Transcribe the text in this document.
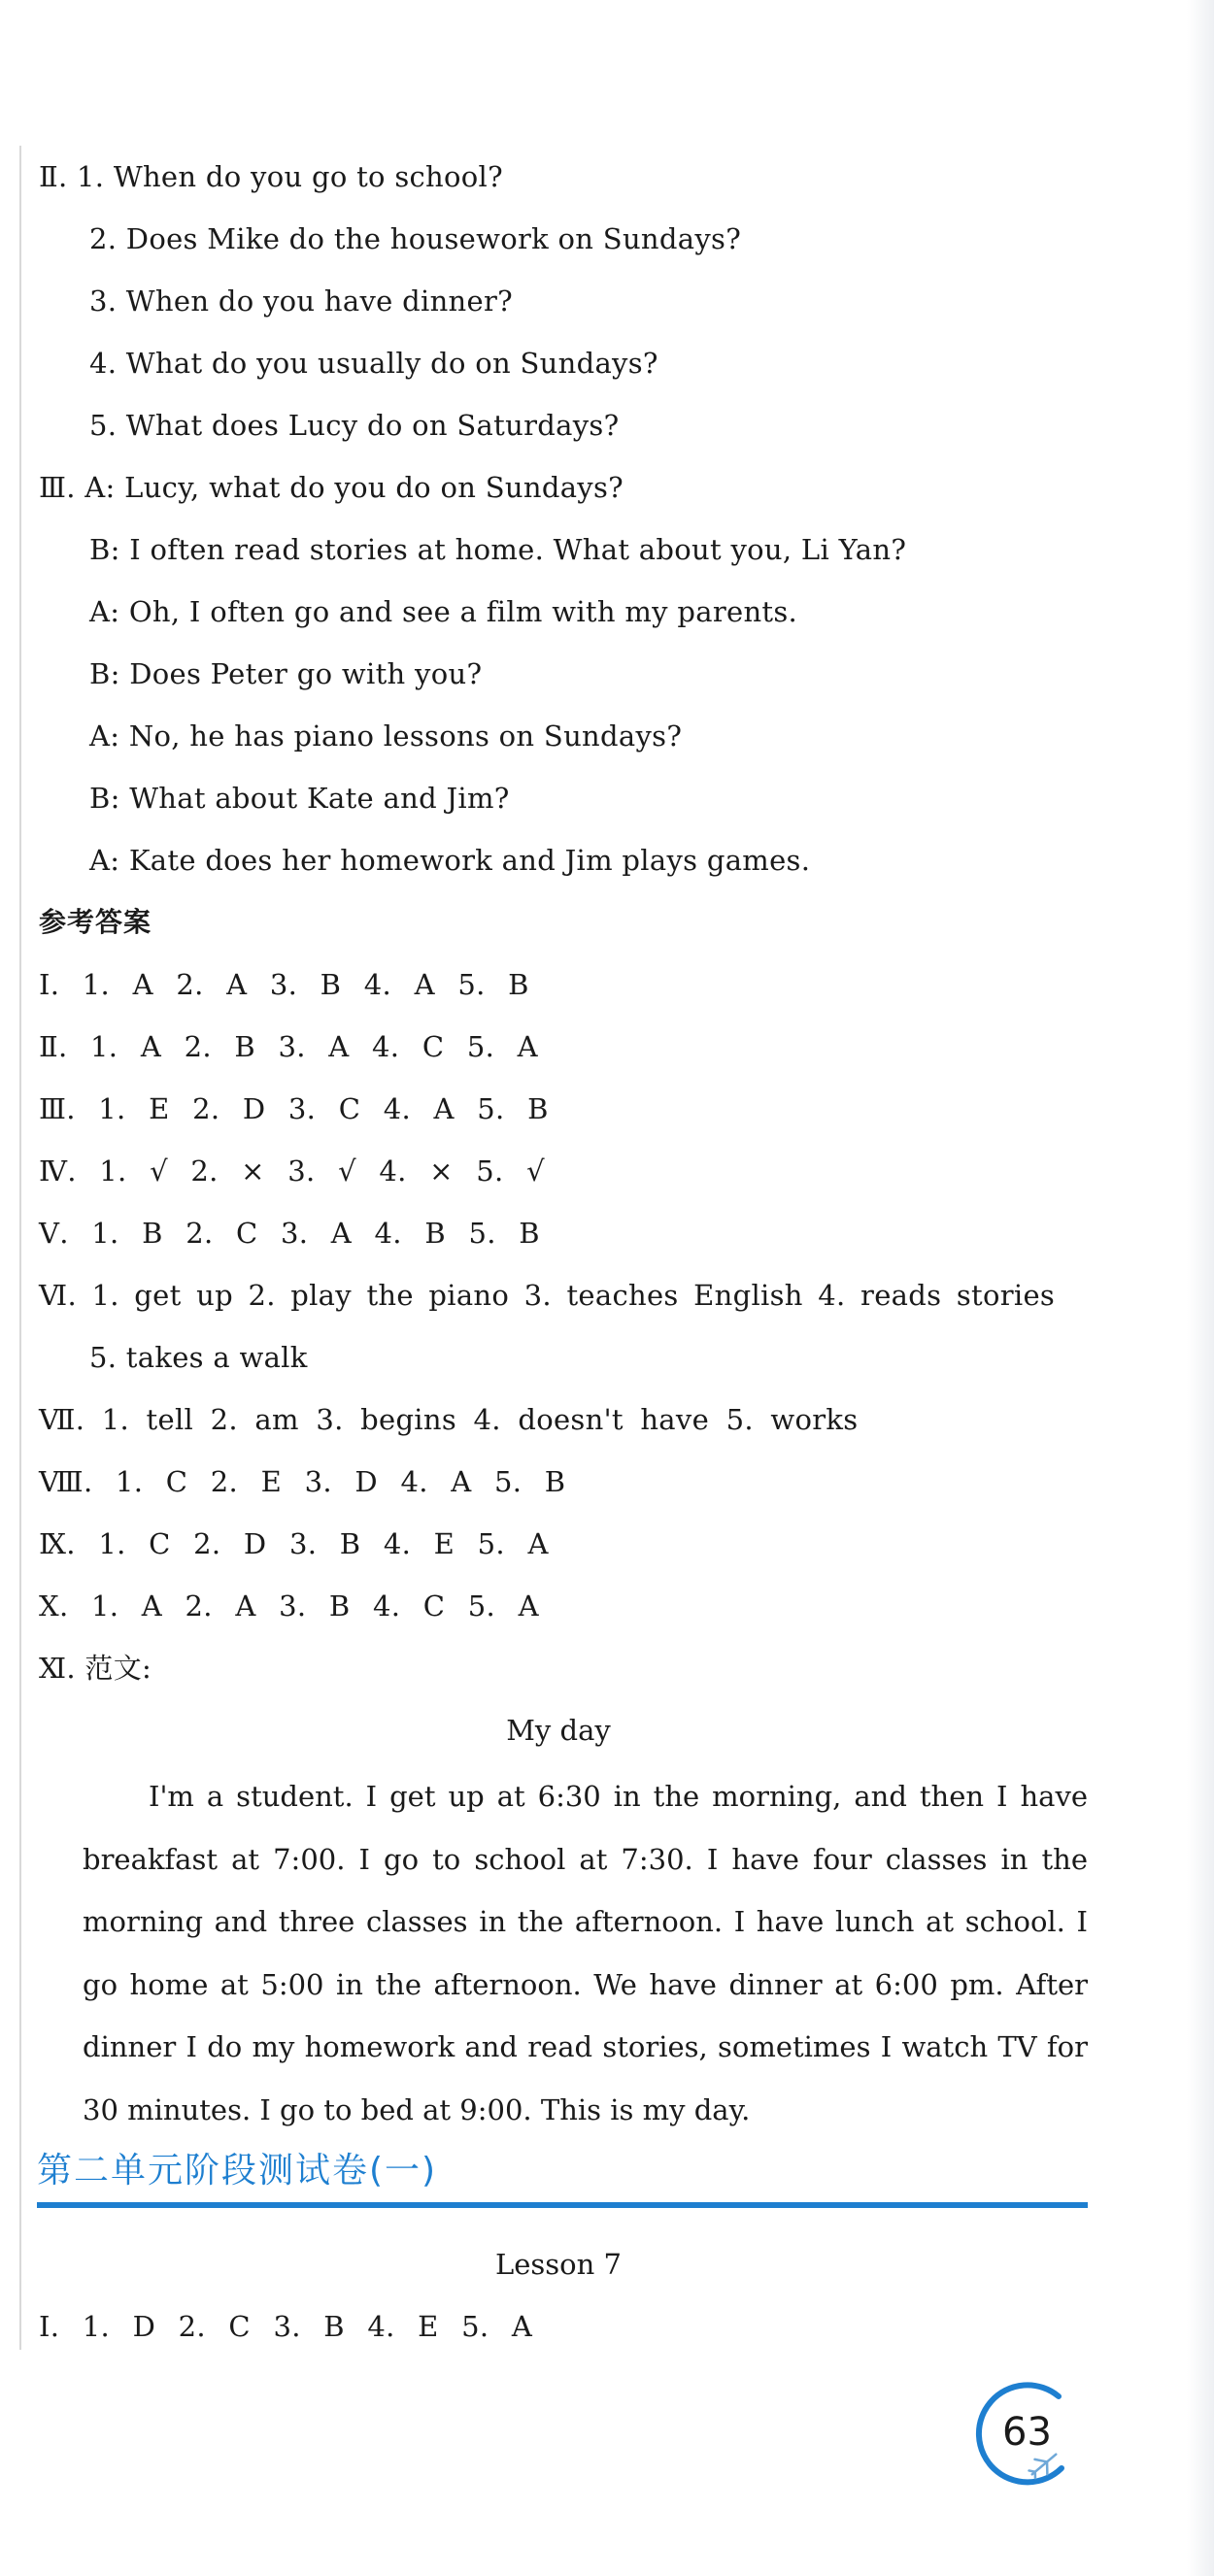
Ⅱ. 1. When do you go to school?
2. Does Mike do the housework on Sundays?
3. When do you have dinner?
4. What do you usually do on Sundays?
5. What does Lucy do on Saturdays?
Ⅲ. A: Lucy, what do you do on Sundays?
B: I often read stories at home. What about you, Li Yan?
A: Oh, I often go and see a film with my parents.
B: Does Peter go with you?
A: No, he has piano lessons on Sundays?
B: What about Kate and Jim?
A: Kate does her homework and Jim plays games.
参考答案
Ⅰ. 1. A 2. A 3. B 4. A 5. B
Ⅱ. 1. A 2. B 3. A 4. C 5. A
Ⅲ. 1. E 2. D 3. C 4. A 5. B
Ⅳ. 1. √ 2. × 3. √ 4. × 5. √
Ⅴ. 1. B 2. C 3. A 4. B 5. B
Ⅵ. 1. get up 2. play the piano 3. teaches English 4. reads stories
5. takes a walk
Ⅶ. 1. tell 2. am 3. begins 4. doesn't have 5. works
Ⅷ. 1. C 2. E 3. D 4. A 5. B
Ⅸ. 1. C 2. D 3. B 4. E 5. A
Ⅹ. 1. A 2. A 3. B 4. C 5. A
Ⅺ. 范文:
My day

I'm a student. I get up at 6:30 in the morning, and then I have breakfast at 7:00. I go to school at 7:30. I have four classes in the morning and three classes in the afternoon. I have lunch at school. I go home at 5:00 in the afternoon. We have dinner at 6:00 pm. After dinner I do my homework and read stories, sometimes I watch TV for 30 minutes. I go to bed at 9:00. This is my day.

第二单元阶段测试卷(一)
Lesson 7
Ⅰ. 1. D 2. C 3. B 4. E 5. A
63
